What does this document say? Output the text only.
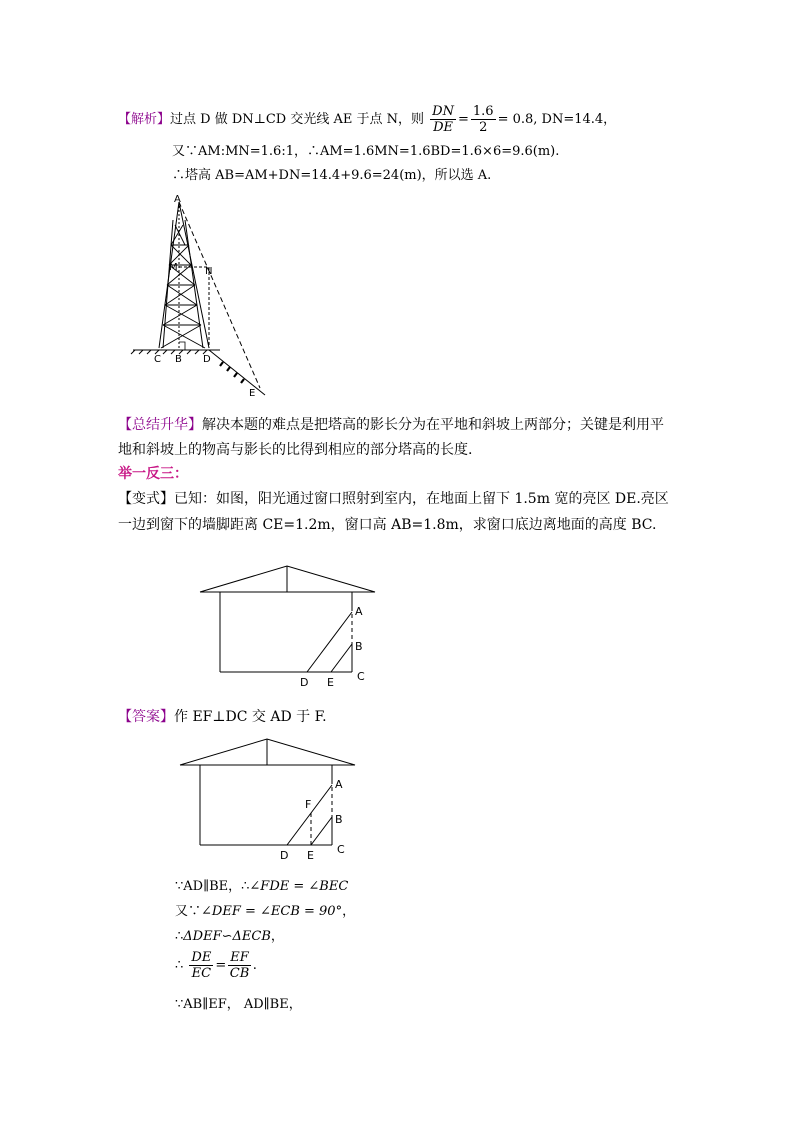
【解析】过点 D 做 DN⊥CD 交光线 AE 于点 N，则 $\frac{DN}{DE} = \frac{1.6}{2} = 0.8$, DN=14.4，
又∵AM:MN=1.6:1，∴AM=1.6MN=1.6BD=1.6×6=9.6(m).
∴塔高 AB=AM+DN=14.4+9.6=24(m)，所以选 A.
A
M	N
C B D
E
【总结升华】解决本题的难点是把塔高的影长分为在平地和斜坡上两部分；关键是利用平
地和斜坡上的物高与影长的比得到相应的部分塔高的长度.
举一反三：
【变式】已知：如图，阳光通过窗口照射到室内，在地面上留下 1.5m 宽的亮区 DE.亮区
一边到窗下的墙脚距离 CE=1.2m，窗口高 AB=1.8m，求窗口底边离地面的高度 BC.
A
B
C
D E
【答案】作 EF⊥DC 交 AD 于 F.
A
B
C
D E
F
∵AD∥BE，∴∠FDE = ∠BEC
又∵∠DEF = ∠ECB = 90°，
∴ΔDEF∽ΔECB，
∴ $\frac{DE}{EC} = \frac{EF}{CB}$ .
∵AB∥EF， AD∥BE，
